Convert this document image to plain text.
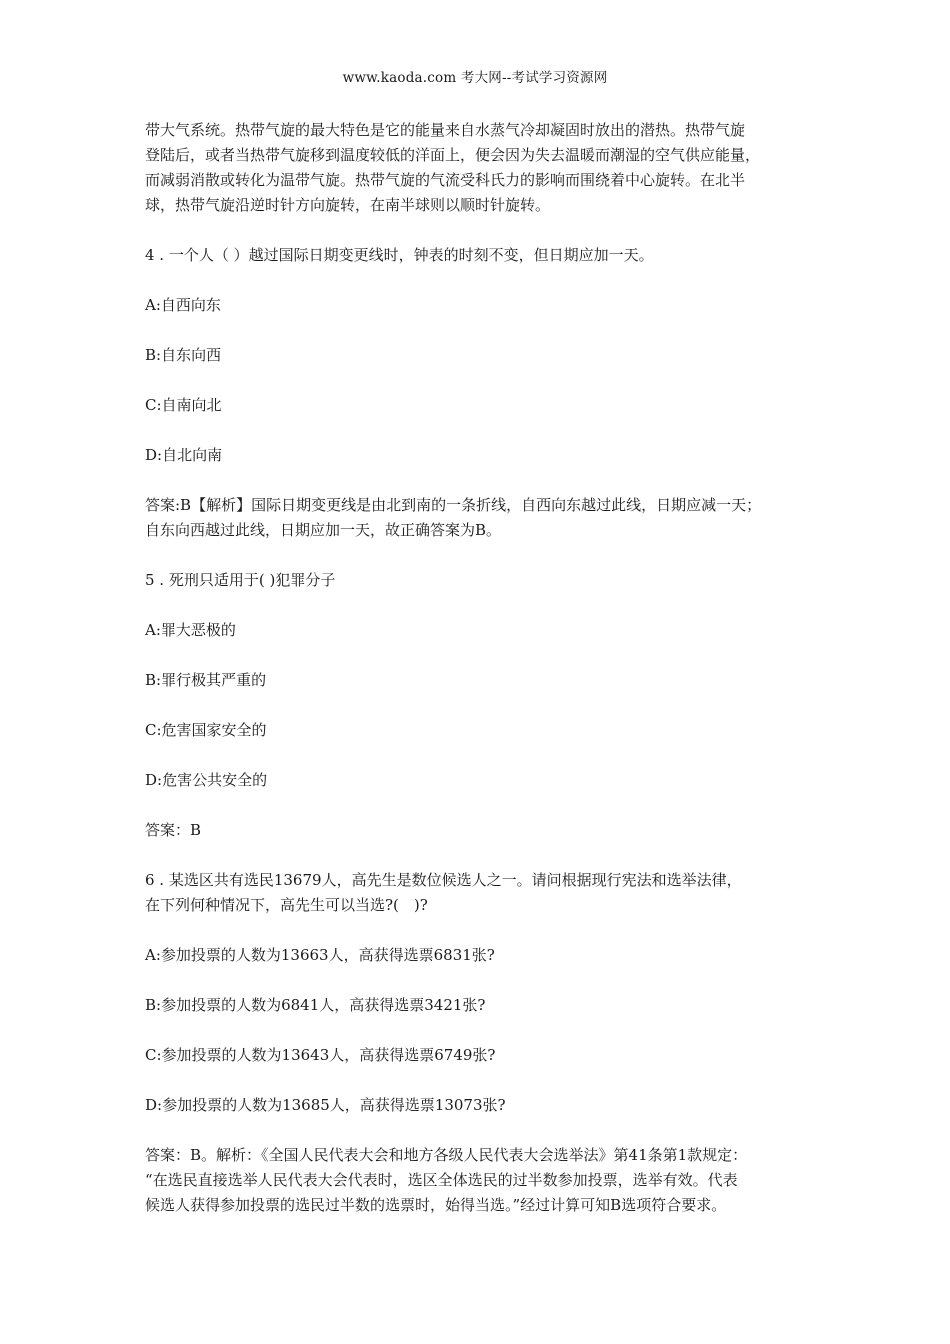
www.kaoda.com 考大网--考试学习资源网

带大气系统。热带气旋的最大特色是它的能量来自水蒸气冷却凝固时放出的潜热。热带气旋

登陆后，或者当热带气旋移到温度较低的洋面上，便会因为失去温暖而潮湿的空气供应能量，

而减弱消散或转化为温带气旋。热带气旋的气流受科氏力的影响而围绕着中心旋转。在北半

球，热带气旋沿逆时针方向旋转，在南半球则以顺时针旋转。

4 . 一个人（ ）越过国际日期变更线时，钟表的时刻不变，但日期应加一天。

A:自西向东

B:自东向西

C:自南向北

D:自北向南

答案:B【解析】国际日期变更线是由北到南的一条折线，自西向东越过此线，日期应减一天；

自东向西越过此线，日期应加一天，故正确答案为B。

5 . 死刑只适用于( )犯罪分子

A:罪大恶极的

B:罪行极其严重的

C:危害国家安全的

D:危害公共安全的

答案：B

6 . 某选区共有选民13679人，高先生是数位候选人之一。请问根据现行宪法和选举法律，

在下列何种情况下，高先生可以当选?(　)?

A:参加投票的人数为13663人，高获得选票6831张?

B:参加投票的人数为6841人，高获得选票3421张?

C:参加投票的人数为13643人，高获得选票6749张?

D:参加投票的人数为13685人，高获得选票13073张?

答案：B。解析：《全国人民代表大会和地方各级人民代表大会选举法》第41条第1款规定：

“在选民直接选举人民代表大会代表时，选区全体选民的过半数参加投票，选举有效。代表

候选人获得参加投票的选民过半数的选票时，始得当选。”经过计算可知B选项符合要求。
